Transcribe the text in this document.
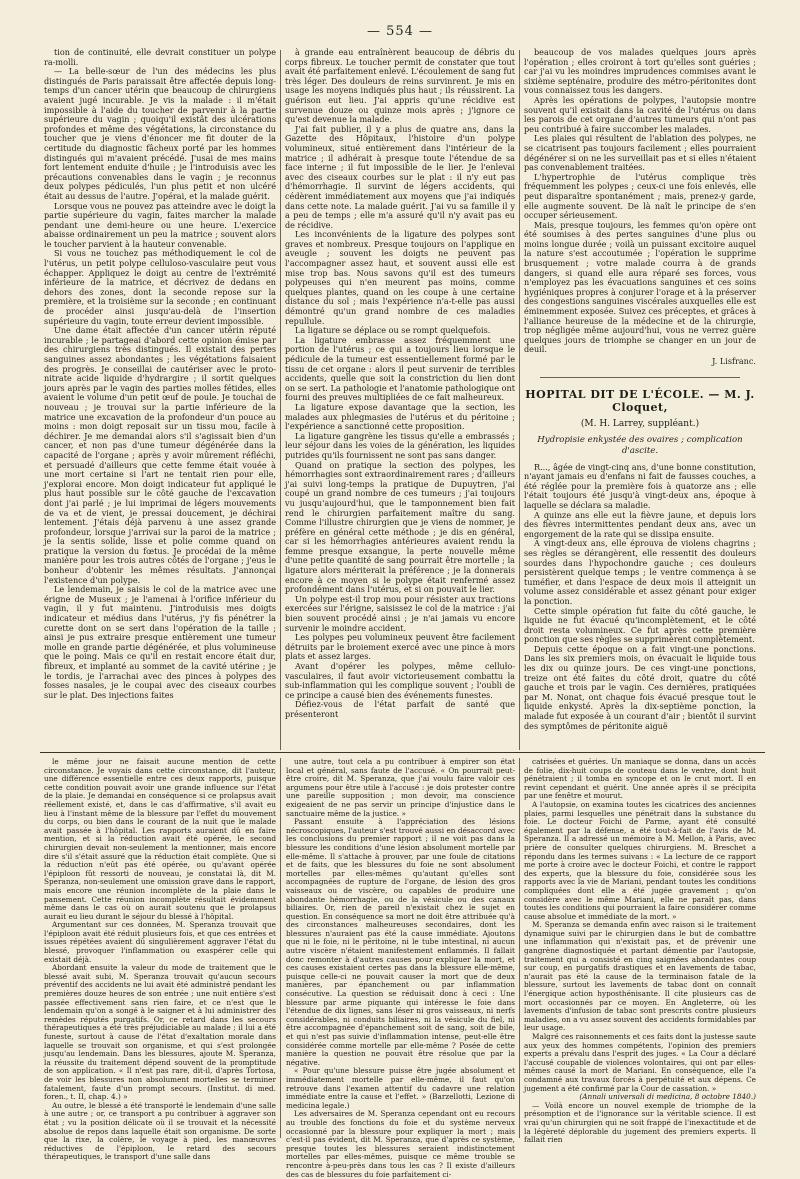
— 554 —

tion de continuité, elle devrait constituer un polype ra-molli.

— La belle-sœur de l'un des médecins les plus distingués de Paris paraissait être affectée depuis long-temps d'un cancer utérin que beaucoup de chirurgiens avaient jugé incurable. Je vis la malade : il m'était impossible à l'aide du toucher de parvenir à la partie supérieure du vagin ; quoiqu'il existât des ulcérations profondes et même des végétations, la circonstance du toucher que je viens d'énoncer me fit douter de la certitude du diagnostic fâcheux porté par les hommes distingués qui m'avaient précédé. J'usai de mes mains fort lentement enduite d'huile ; je l'introduisis avec les précautions convenables dans le vagin ; je reconnus deux polypes pédiculés, l'un plus petit et non ulcéré était au dessus de l'autre. J'opérai, et la malade guérit.

Lorsque vous ne pouvez pas atteindre avec le doigt la partie supérieure du vagin, faites marcher la malade pendant une demi-heure ou une heure. L'exercice abaisse ordinairement un peu la matrice ; souvent alors le toucher parvient à la hauteur convenable.

Si vous ne touchez pas méthodiquement le col de l'utérus, un petit polype celluloso-vasculaire peut vous échapper. Appliquez le doigt au centre de l'extrémité inférieure de la matrice, et décrivez de dedans en dehors des zones, dont la seconde repose sur la première, et la troisième sur la seconde ; en continuant de procéder ainsi jusqu'au-delà de l'insertion supérieure du vagin, toute erreur devient impossible.

Une dame était affectée d'un cancer utérin réputé incurable ; le partageai d'abord cette opinion émise par des chirurgiens très distingués. Il existait des pertes sanguines assez abondantes ; les végétations faisaient des progrès. Je conseillai de cautériser avec le proto-nitrate acide liquide d'hydrargire ; il sortit quelques jours après par le vagin des parties molles fétides, elles avaient le volume d'un petit œuf de poule. Je touchai de nouveau ; je trouvai sur la partie inférieure de la matrice une excavation de la profondeur d'un pouce au moins : mon doigt reposait sur un tissu mou, facile à déchirer. Je me demandai alors s'il s'agissait bien d'un cancer, et non pas d'une tumeur dégénérée dans la capacité de l'organe ; après y avoir mûrement réfléchi, et persuadé d'ailleurs que cette femme était vouée à une mort certaine si l'art ne tentait rien pour elle, j'explorai encore. Mon doigt indicateur fut appliqué le plus haut possible sur le côté gauche de l'excavation dont j'ai parlé ; je lui imprimai de légers mouvements de va et de vient, je pressai doucement, je déchirai lentement. J'étais déjà parvenu à une assez grande profondeur, lorsque j'arrivai sur la paroi de la matrice ; je la sentis solide, lisse et polie comme quand on pratique la version du fœtus. Je procédai de la même manière pour les trois autres côtés de l'organe ; j'eus le bonheur d'obtenir les mêmes résultats. J'annonçai l'existence d'un polype.

Le lendemain, je saisis le col de la matrice avec une érigne de Museux ; je l'amenai à l'orifice inférieur du vagin, il y fut maintenu. J'introduisis mes doigts indicateur et médius dans l'utérus, j'y fis pénétrer la curette dont on se sert dans l'opération de la taille ; ainsi je pus extraire presque entièrement une tumeur molle en grande partie dégénérée, et plus volumineuse que le poing. Mais ce qu'il en restait encore était dur, fibreux, et implanté au sommet de la cavité utérine ; je le tordis, je l'arrachai avec des pinces à polypes des fosses nasales, je le coupai avec des ciseaux courbes sur le plat. Des injections faites

à grande eau entraînèrent beaucoup de débris du corps fibreux. Le toucher permit de constater que tout avait été parfaitement enlevé. L'écoulement de sang fut très léger. Des douleurs de reins survinrent. Je mis en usage les moyens indiqués plus haut ; ils réussirent. La guérison eut lieu. J'ai appris qu'une récidive est survenue douze ou quinze mois après ; j'ignore ce qu'est devenue la malade.

J'ai fait publier, il y a plus de quatre ans, dans la Gazette des Hôpitaux, l'histoire d'un polype volumineux, situé entièrement dans l'intérieur de la matrice ; il adhérait à presque toute l'étendue de sa face interne ; il fut impossible de le lier. Je l'enlevai avec des ciseaux courbes sur le plat : il n'y eut pas d'hémorrhagie. Il survint de légers accidents, qui cédèrent immédiatement aux moyens que j'ai indiqués dans cette note. La malade guérit. J'ai vu sa famille il y a peu de temps ; elle m'a assuré qu'il n'y avait pas eu de récidive.

Les inconvénients de la ligature des polypes sont graves et nombreux. Presque toujours on l'applique en aveugle ; souvent les doigts ne peuvent pas l'accompagner assez haut, et souvent aussi elle est mise trop bas. Nous savons qu'il est des tumeurs polypeuses qui n'en meurent pas moins, comme quelques plantes, quand on les coupe à une certaine distance du sol ; mais l'expérience n'a-t-elle pas aussi démontré qu'un grand nombre de ces maladies repullule.

La ligature se déplace ou se rompt quelquefois.

La ligature embrasse assez fréquemment une portion de l'utérus ; ce qui a toujours lieu lorsque le pédicule de la tumeur est essentiellement formé par le tissu de cet organe : alors il peut survenir de terribles accidents, quelle que soit la constriction du lien dont on se sert. La pathologie et l'anatomie pathologique ont fourni des preuves multipliées de ce fait malheureux.

La ligature expose davantage que la section, les malades aux phlegmasies de l'utérus et du péritoine ; l'expérience a sanctionné cette proposition.

La ligature gangrène les tissus qu'elle a embrassés ; leur séjour dans les voies de la génération, les liquides putrides qu'ils fournissent ne sont pas sans danger.

Quand on pratique la section des polypes, les hémorrhagies sont extraordinairement rares ; d'ailleurs j'ai suivi long-temps la pratique de Dupuytren, j'ai coupé un grand nombre de ces tumeurs ; j'ai toujours vu jusqu'aujourd'hui, que le tamponnement bien fait rend le chirurgien parfaitement maître du sang. Comme l'illustre chirurgien que je viens de nommer, je préfère en général cette méthode ; je dis en général, car si les hémorrhagies antérieures avaient rendu la femme presque exsangue, la perte nouvelle même d'une petite quantité de sang pourrait être mortelle ; la ligature alors mériterait la préférence ; je la donnerais encore à ce moyen si le polype était renfermé assez profondément dans l'utérus, et si on pouvait le lier.

Un polype est-il trop mou pour résister aux tractions exercées sur l'érigne, saisissez le col de la matrice : j'ai bien souvent procédé ainsi ; je n'ai jamais vu encore survenir le moindre accident.

Les polypes peu volumineux peuvent être facilement détruits par le broiement exercé avec une pince à mors plats et assez larges.

Avant d'opérer les polypes, même celluło-vasculaires, il faut avoir victorieusement combattu la sub-inflammation qui les complique souvent ; l'oubli de ce principe a causé bien des événements funestes.

Défiez-vous de l'état parfait de santé que présenteront

beaucoup de vos malades quelques jours après l'opération ; elles croiront à tort qu'elles sont guéries ; car j'ai vu les moindres imprudences commises avant le sixième septénaire, produire des métro-péritonites dont vous connaissez tous les dangers.

Après les opérations de polypes, l'autopsie montre souvent qu'il existait dans la cavité de l'utérus ou dans les parois de cet organe d'autres tumeurs qui n'ont pas peu contribué à faire succomber les malades.

Les plaies qui résultent de l'ablation des polypes, ne se cicatrisent pas toujours facilement ; elles pourraient dégénérer si on ne les surveillait pas et si elles n'étaient pas convenablement traitées.

L'hypertrophie de l'utérus complique très fréquemment les polypes ; ceux-ci une fois enlevés, elle peut disparaître spontanément ; mais, prenez-y garde, elle augmente souvent. De là naît le principe de s'en occuper sérieusement.

Mais, presque toujours, les femmes qu'on opère ont été soumises à des pertes sanguines d'une plus ou moins longue durée ; voilà un puissant excitoire auquel la nature s'est accoutumée ; l'opération le supprime brusquement ; votre malade courra à de grands dangers, si quand elle aura réparé ses forces, vous n'employez pas les évacuations sanguines et ces soins hygiéniques propres à conjurer l'orage et à la préserver des congestions sanguines viscérales auxquelles elle est éminemment exposée. Suivez ces préceptes, et grâces à l'alliance heureuse de la médecine et de la chirurgie, trop négligée même aujourd'hui, vous ne verrez guère quelques jours de triomphe se changer en un jour de deuil.

J. Lisfranc.
HOPITAL DIT DE L'ÉCOLE. — M. J. Cloquet,
(M. H. Larrey, suppléant.)
Hydropisie enkystée des ovaires ; complication d'ascite.

R..., âgée de vingt-cinq ans, d'une bonne constitution, n'ayant jamais eu d'enfans ni fait de fausses couches, a été réglée pour la première fois à quatorze ans ; elle l'était toujours été jusqu'à vingt-deux ans, époque à laquelle se déclara sa maladie.

A quinze ans elle eut la fièvre jaune, et depuis lors des fièvres intermittentes pendant deux ans, avec un engorgement de la rate qui se dissipa ensuite.

A vingt-deux ans, elle éprouva de violens chagrins ; ses règles se dérangèrent, elle ressentit des douleurs sourdes dans l'hypochondre gauche ; ces douleurs persistèrent quelque temps ; le ventre commença à se tuméfier, et dans l'espace de deux mois il atteignit un volume assez considérable et assez génant pour exiger la ponction.

Cette simple opération fut faite du côté gauche, le liquide ne fut évacué qu'incomplètement, et le côté droit resta volumineux. Ce fut après cette première ponction que ses règles se supprimèrent complètement.

Depuis cette époque on a fait vingt-une ponctions. Dans les six premiers mois, on évacuait le liquide tous les dix ou quinze jours. De ces vingt-une ponctions, treize ont été faites du côté droit, quatre du côté gauche et trois par le vagin. Ces dernières, pratiquées par M. Nonat, ont chaque fois évacué presque tout le liquide enkysté. Après la dix-septième ponction, la malade fut exposée à un courant d'air ; bientôt il survint des symptômes de péritonite aiguë

le même jour ne faisait aucune mention de cette circonstance. Je voyais dans cette circonstance, dit l'auteur, une différence essentielle entre ces deux rapports, puisque cette condition pouvait avoir une grande influence sur l'état de la plaie. Je demandai en conséquence si ce prolapsus avait réellement existé, et, dans le cas d'affirmative, s'il avait eu lieu à l'instant même de la blessure par l'effet du mouvement du corps, ou bien dans le courant de la nuit que le malade avait passée à l'hôpital. Les rapports auraient dû en faire mention, et si la réduction avait été opérée, le second chirurgien devait non-seulement la mentionner, mais encore dire s'il s'était assuré que la réduction était complète. Que si la réduction n'eût pas été opérée, ou qu'avant opérée l'épiploon fût ressorti de nouveau, je constatai là, dit M. Speranza, non-seulement une omission grave dans le rapport, mais encore une réunion incomplète de la plaie dans le pansement. Cette réunion incomplète résultait évidemment même dans le cas où on aurait soutenu que le prolapsus aurait eu lieu durant le séjour du blessé à l'hôpital.

Argumentant sur ces données, M. Speranza trouvait que l'épiploon avait été réduit plusieurs fois, et que ces entrées et issues répétées avaient dû singulièrement aggraver l'état du blessé, provoquer l'inflammation ou exaspérer celle qui existait déjà.

Abordant ensuite la valeur du mode de traitement que le blessé avait subi, M. Speranza trouvait qu'aucun secours préventif des accidents ne lui avait été administré pendant les premières douze heures de son entrée ; une nuit entière s'est passée effectivement sans rien faire, et ce n'est que le lendemain qu'on a songé à le saigner et à lui administrer des remèdes réputés purgatifs. Or, ce retard dans les secours thérapeutiques a été très préjudiciable au malade ; il lui a été funeste, surtout à cause de l'état d'exaltation morale dans laquelle se trouvait son organisme, et qui s'est prolongée jusqu'au lendemain. Dans les blessures, ajoute M. Speranza, la réussite du traitement dépend souvent de la promptitude de son application. « Il n'est pas rare, dit-il, d'après Tortosa, de voir les blessures non absolument mortelles se terminer fatalement, faute d'un prompt secours. (Institut. di med. foren., t. II, chap. 4.) »

Au outre, le blessé a été transporté le lendemain d'une salle à une autre ; or, ce transport a pu contribuer à aggraver son état ; vu la position délicate où il se trouvait et la nécessité absolue de repos dans laquelle était son organisme. De sorte que la rixe, la colère, le voyage à pied, les manœuvres réductives de l'épiploon, le retard des secours thérapeutiques, le transport d'une salle dans

une autre, tout cela a pu contribuer à empirer son état local et général, sans faute de l'accusé. « On pourrait peut-être croire, dit M. Speranza, que j'ai voulu faire valoir ces argumens pour être utile à l'accusé : je dois protester contre une pareille supposition ; mon devoir, ma conscience exigeaient de ne pas servir un principe d'injustice dans le sanctuaire même de la justice. »

Passant ensuite à l'appréciation des lésions nécroscopiques, l'auteur s'est trouvé aussi en désaccord avec les conclusions du premier rapport ; il ne voit pas dans la blessure les conditions d'une lésion absolument mortelle par elle-même. Il s'attache à prouver, par une foule de citations et de faits, que les blessures du foie ne sont absolument mortelles par elles-mêmes qu'autant qu'elles sont accompagnées de rupture de l'organe, de lésion des gros vaisseaux ou de viscère, ou capables de produire une abondante hémorrhagie, ou de la vésicule ou des canaux biliaires. Or, rien de pareil n'existait chez le sujet en question. En conséquence sa mort ne doit être attribuée qu'à des circonstances malheureuses secondaires, dont les blessures n'auraient pas été la cause immédiate. Ajoutons que ni le foie, ni le péritoine, ni le tube intestinal, ni aucun autre viscère n'étaient manifestement enflammés. Il fallait donc remonter à d'autres causes pour expliquer la mort, et ces causes existaient certes pas dans la blessure elle-même, puisque celle-ci ne pouvait causer la mort que de deux manières, par épanchement ou par inflammation consécutive. La question se réduisait donc à ceci : Une blessure par arme piquante qui intéresse le foie dans l'étendue de dix lignes, sans léser ni gros vaisseaux, ni nerfs considérables, ni conduits biliaires, ni la vésicule du fiel, ni être accompagnée d'épanchement soit de sang, soit de bile, et qui n'est pas suivie d'inflammation intense, peut-elle être considérée comme mortelle par elle-même ? Posée de cette manière la question ne pouvait être résolue que par la négative.

« Pour qu'une blessure puisse être jugée absolument et immédiatement mortelle par elle-même, il faut qu'on retrouve dans l'examen attentif du cadavre une relation immédiate entre la cause et l'effet. » (Barzellotti, Lezione di medicina legale.)

Les adversaires de M. Speranza cependant ont eu recours au trouble des fonctions du foie et du système nerveux occasionné par la blessure pour expliquer la mort ; mais c'est-il pas évident, dit M. Speranza, que d'après ce système, presque toutes les blessures seraient indistinctement mortelles par elles-mêmes, puisque ce même trouble se rencontre à-peu-près dans tous les cas ? Il existe d'ailleurs des cas de blessures du foie parfaitement ci-

catrisées et guéries. Un maniaque se donna, dans un accès de folie, dix-huit coups de couteau dans le ventre, dont huit pénétraient ; il tomba en syncope et on le crut mort. Il en revint cependant et guérit. Une année après il se précipita par une fenêtre et mourut.

A l'autopsie, on examina toutes les cicatrices des anciennes plaies, parmi lesquelles une pénétrait dans la substance du foie. Le docteur Foichi de Parme, ayant été consulté également par la défense, a été tout-à-fait de l'avis de M. Speranza. Il a adressé un mémoire à M. Mellon, à Paris, avec prière de consulter quelques chirurgiens. M. Breschet a répondu dans les termes suivans : « La lecture de ce rapport me porte à croire avec le docteur Foichi, et contre le rapport des experts, que la blessure du foie, considérée sous les rapports avec la vie de Mariani, pendant toutes les conditions compliquées dont elle a été jugée gravement ; qu'on considère avec le même Mariani, elle ne paraît pas, dans toutes les conditions qui pourraient la faire considérer comme cause absolue et immédiate de la mort. »

M. Speranza se demanda enfin avec raison si le traitement dynamique suivi par le chirurgien dans le but de combattre une inflammation qui n'existait pas, et de prévenir une gangrène diagnostiquée et partant démentie par l'autopsie, traitement qui a consisté en cinq saignées abondantes coup sur coup, en purgatifs drastiques et en lavements de tabac, n'aurait pas été la cause de la terminaison fatale de la blessure, surtout les lavements de tabac dont on connaît l'énergique action hyposthénisante. Il cite plusieurs cas de mort occasionnés par ce moyen. En Angleterre, où les lavements d'infusion de tabac sont prescrits contre plusieurs maladies, on a vu assez souvent des accidents formidables par leur usage.

Malgré ces raisonnements et ces faits dont la justesse saute aux yeux des hommes compétents, l'opinion des premiers experts a prévalu dans l'esprit des juges. « La Cour a déclaré l'accusé coupable de violences volontaires, qui ont par elles-mêmes causé la mort de Mariani. En conséquence, elle l'a condamné aux travaux forcés à perpétuité et aux dépens. Ce jugement a été confirmé par la Cour de cassation. »

(Annali universali di medicina, 8 octobre 1840.)

— Voilà encore un nouvel exemple de triomphe de la présomption et de l'ignorance sur la véritable science. Il est vrai qu'un chirurgien qui ne soit frappé de l'inexactitude et de la légèreté déplorable du jugement des premiers experts. Il fallait rien
